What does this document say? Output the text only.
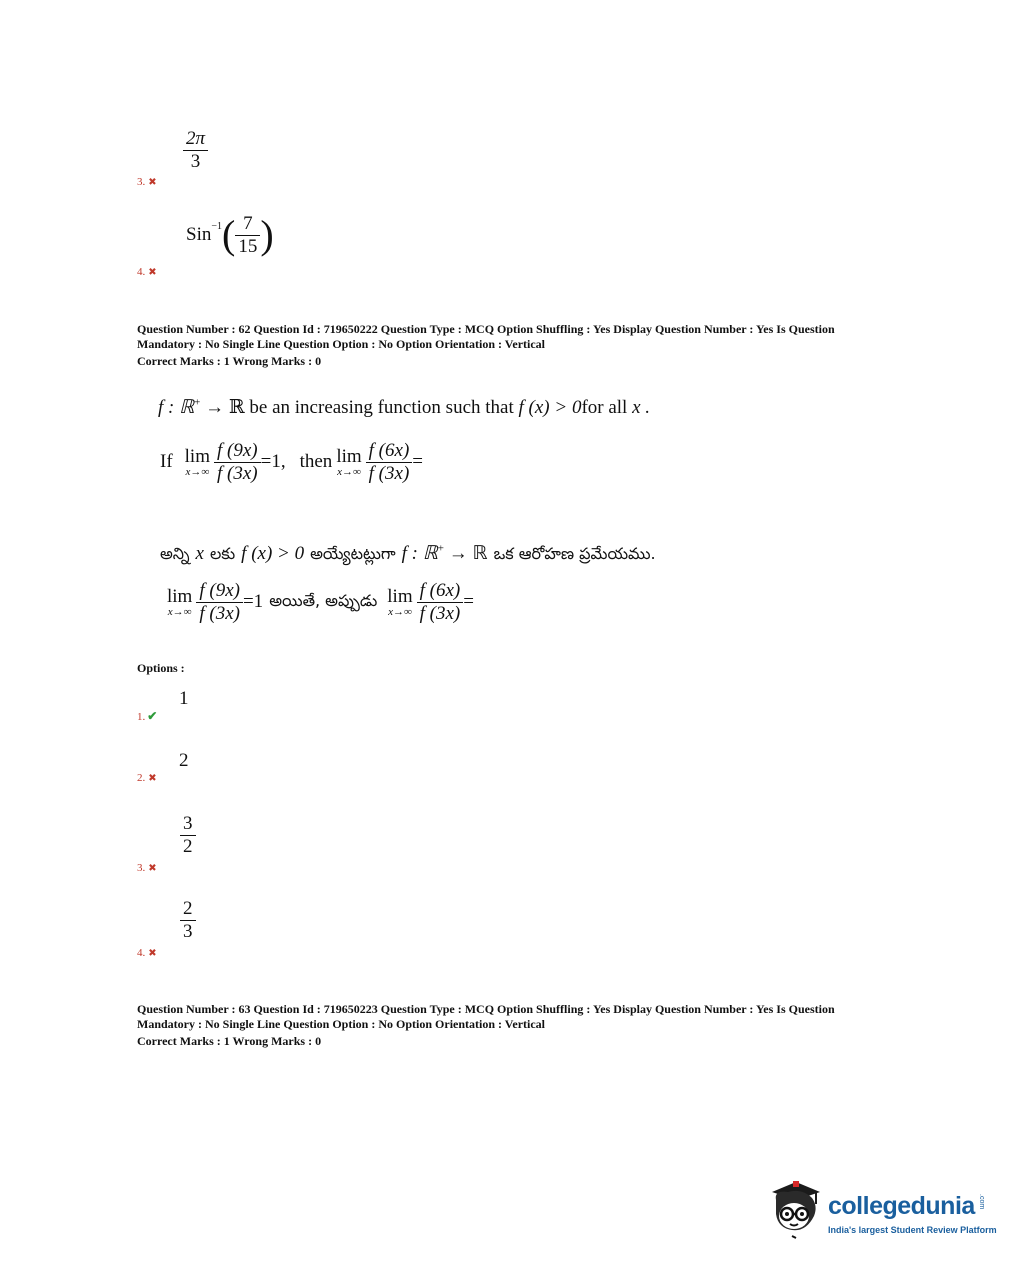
$\frac{2\pi}{3}$
3. ✖
Sin$^{-1}$ ( $\frac{7}{15}$ )
4. ✖
Question Number : 62 Question Id : 719650222 Question Type : MCQ Option Shuffling : Yes Display Question Number : Yes Is Question
Mandatory : No Single Line Question Option : No Option Orientation : Vertical
Correct Marks : 1 Wrong Marks : 0
f : ℝ+ → ℝ be an increasing function such that f (x) > 0for all x .
If lim
$x\to\infty \frac{f (9x)}{f (3x)} =1$, then lim
$x\to\infty \frac{f (6x)}{f (3x)}$ =
అన్ని x లకు f (x) > 0 అయ్యేటట్లుగా f : ℝ+ → ℝ ఒక ఆరోహణ ప్రమేయము.
lim
$x\to\infty \frac{f (9x)}{f (3x)} =1$ అయితే, అప్పుడు lim
$x\to\infty \frac{f (6x)}{f (3x)}$ =
Options :
1
1. ✔
2
2. ✖
$\frac{3}{2}$
3. ✖
$\frac{2}{3}$
4. ✖
Question Number : 63 Question Id : 719650223 Question Type : MCQ Option Shuffling : Yes Display Question Number : Yes Is Question
Mandatory : No Single Line Question Option : No Option Orientation : Vertical
Correct Marks : 1 Wrong Marks : 0
collegedunia .com
India's largest Student Review Platform
